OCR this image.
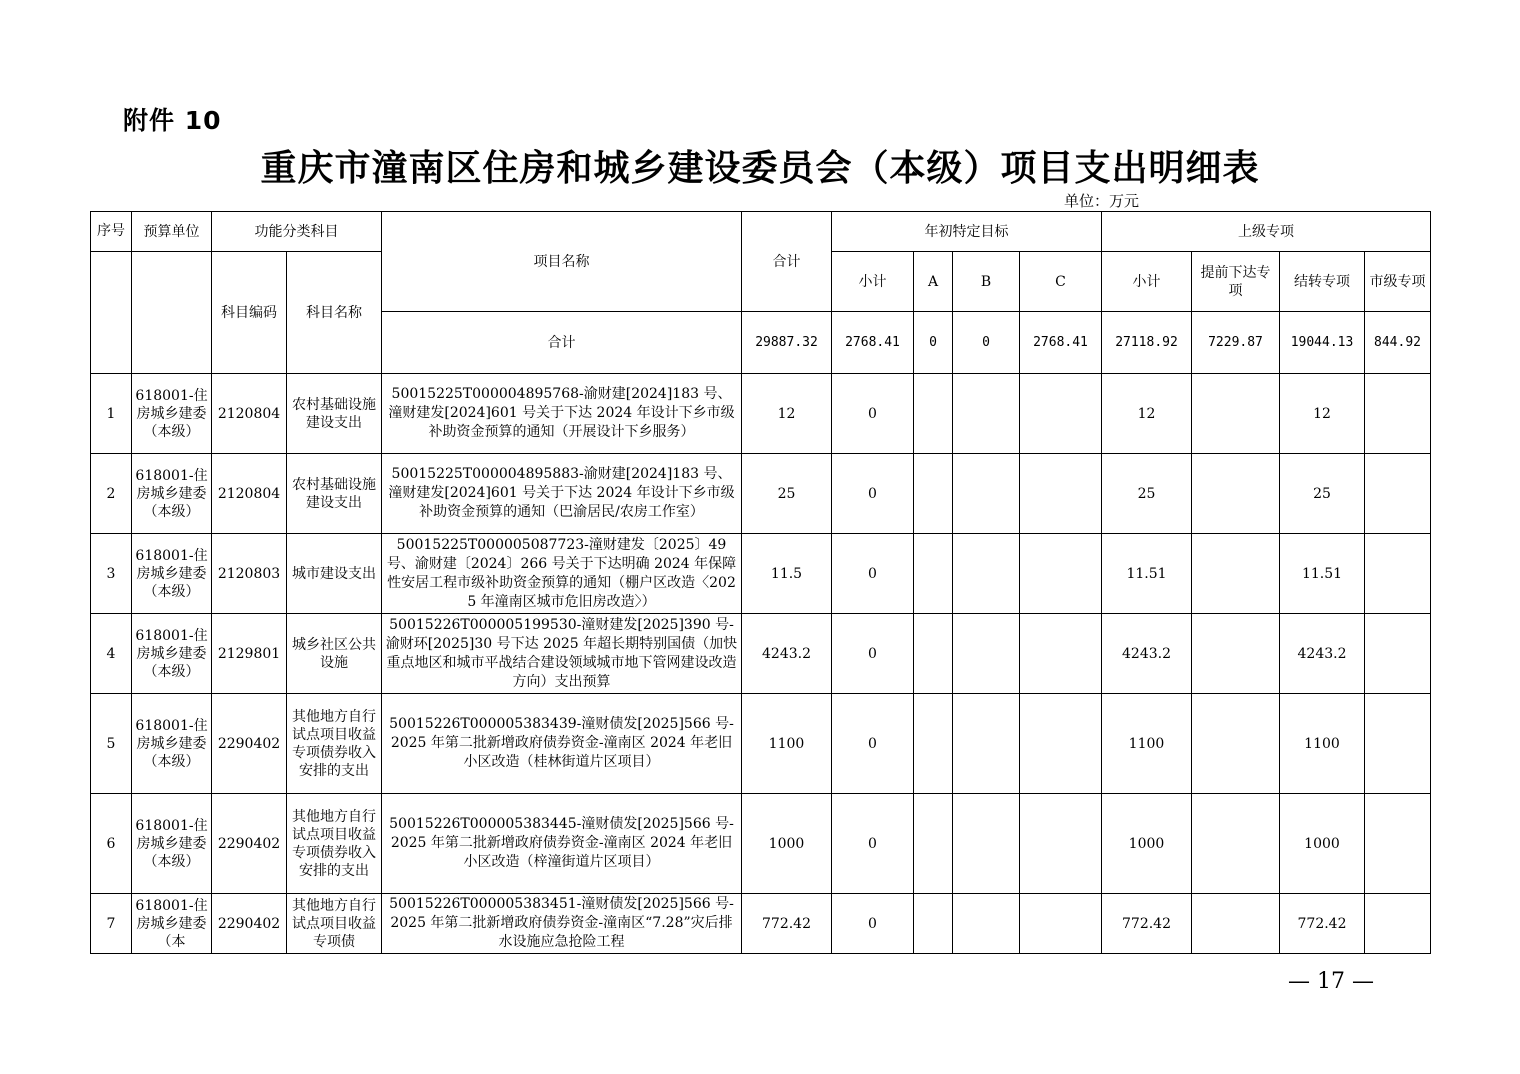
附件 10
重庆市潼南区住房和城乡建设委员会（本级）项目支出明细表
单位：万元
序号	预算单位	功能分类科目		项目名称	合计	年初特定目标				上级专项			
		科目编码	科目名称			小计	A	B	C	小计	提前下达专项	结转专项	市级专项
				合计	29887.32	2768.41	0	0	2768.41	27118.92	7229.87	19044.13	844.92
1	618001-住房城乡建委（本级）	2120804	农村基础设施建设支出	50015225T000004895768-渝财建[2024]183 号、潼财建发[2024]601 号关于下达 2024 年设计下乡市级补助资金预算的通知（开展设计下乡服务）	12	0				12		12	
2	618001-住房城乡建委（本级）	2120804	农村基础设施建设支出	50015225T000004895883-渝财建[2024]183 号、潼财建发[2024]601 号关于下达 2024 年设计下乡市级补助资金预算的通知（巴渝居民/农房工作室）	25	0				25		25	
3	618001-住房城乡建委（本级）	2120803	城市建设支出	50015225T000005087723-潼财建发〔2025〕49 号、渝财建〔2024〕266 号关于下达明确 2024 年保障性安居工程市级补助资金预算的通知（棚户区改造〈2025 年潼南区城市危旧房改造〉）	11.5	0				11.51		11.51	
4	618001-住房城乡建委（本级）	2129801	城乡社区公共设施	50015226T000005199530-潼财建发[2025]390 号-渝财环[2025]30 号下达 2025 年超长期特别国债（加快重点地区和城市平战结合建设领域城市地下管网建设改造方向）支出预算	4243.2	0				4243.2		4243.2	
5	618001-住房城乡建委（本级）	2290402	其他地方自行试点项目收益专项债券收入安排的支出	50015226T000005383439-潼财债发[2025]566 号-2025 年第二批新增政府债券资金-潼南区 2024 年老旧小区改造（桂林街道片区项目）	1100	0				1100		1100	
6	618001-住房城乡建委（本级）	2290402	其他地方自行试点项目收益专项债券收入安排的支出	50015226T000005383445-潼财债发[2025]566 号-2025 年第二批新增政府债券资金-潼南区 2024 年老旧小区改造（梓潼街道片区项目）	1000	0				1000		1000	
7	618001-住房城乡建委（本	2290402	其他地方自行试点项目收益专项债	50015226T000005383451-潼财债发[2025]566 号-2025 年第二批新增政府债券资金-潼南区“7.28”灾后排水设施应急抢险工程	772.42	0				772.42		772.42	
— 17 —
